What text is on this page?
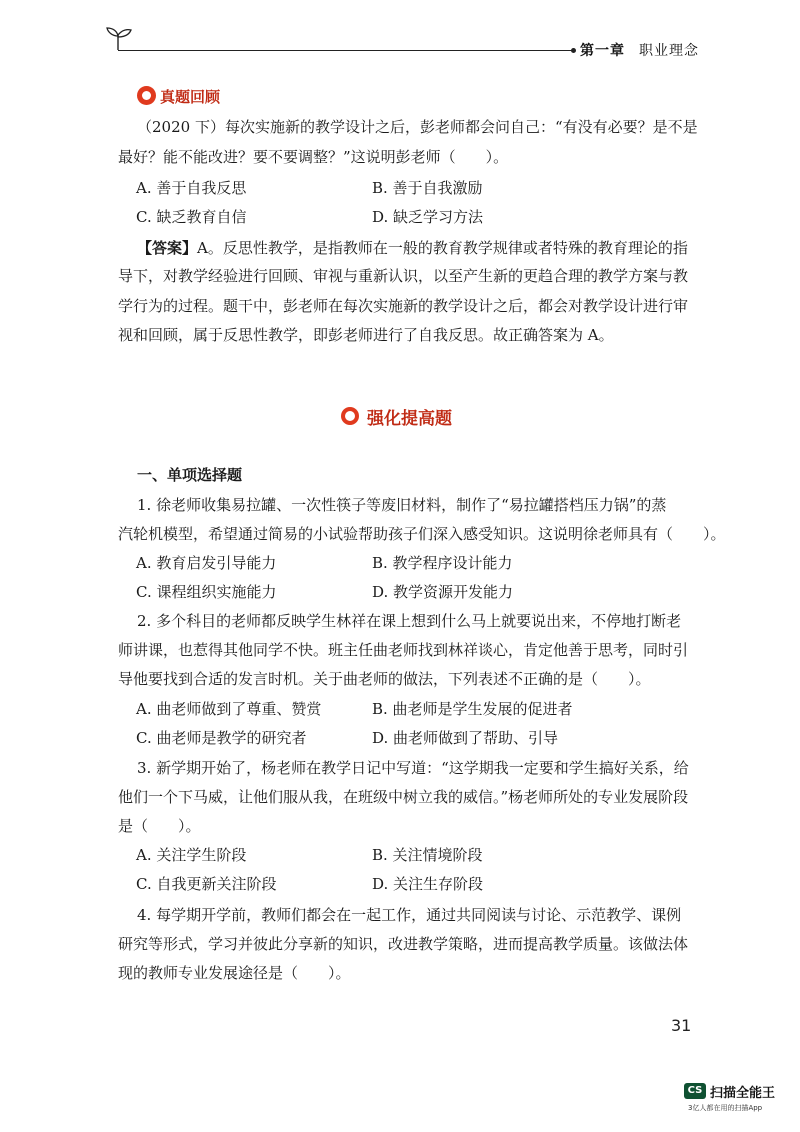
第一章 职业理念
真题回顾
（2020 下）每次实施新的教学设计之后，彭老师都会问自己：“有没有必要？是不是
最好？能不能改进？要不要调整？”这说明彭老师（　　）。
A. 善于自我反思	B. 善于自我激励
C. 缺乏教育自信	D. 缺乏学习方法
【答案】A。反思性教学，是指教师在一般的教育教学规律或者特殊的教育理论的指
导下，对教学经验进行回顾、审视与重新认识，以至产生新的更趋合理的教学方案与教
学行为的过程。题干中，彭老师在每次实施新的教学设计之后，都会对教学设计进行审
视和回顾，属于反思性教学，即彭老师进行了自我反思。故正确答案为 A。
强化提高题
一、单项选择题
1. 徐老师收集易拉罐、一次性筷子等废旧材料，制作了“易拉罐搭档压力锅”的蒸
汽轮机模型，希望通过简易的小试验帮助孩子们深入感受知识。这说明徐老师具有（　　）。
A. 教育启发引导能力	B. 教学程序设计能力
C. 课程组织实施能力	D. 教学资源开发能力
2. 多个科目的老师都反映学生林祥在课上想到什么马上就要说出来，不停地打断老
师讲课，也惹得其他同学不快。班主任曲老师找到林祥谈心，肯定他善于思考，同时引
导他要找到合适的发言时机。关于曲老师的做法，下列表述不正确的是（　　）。
A. 曲老师做到了尊重、赞赏	B. 曲老师是学生发展的促进者
C. 曲老师是教学的研究者	D. 曲老师做到了帮助、引导
3. 新学期开始了，杨老师在教学日记中写道：“这学期我一定要和学生搞好关系，给
他们一个下马威，让他们服从我，在班级中树立我的威信。”杨老师所处的专业发展阶段
是（　　）。
A. 关注学生阶段	B. 关注情境阶段
C. 自我更新关注阶段	D. 关注生存阶段
4. 每学期开学前，教师们都会在一起工作，通过共同阅读与讨论、示范教学、课例
研究等形式，学习并彼此分享新的知识，改进教学策略，进而提高教学质量。该做法体
现的教师专业发展途径是（　　）。
31
CS 扫描全能王
3亿人都在用的扫描App
